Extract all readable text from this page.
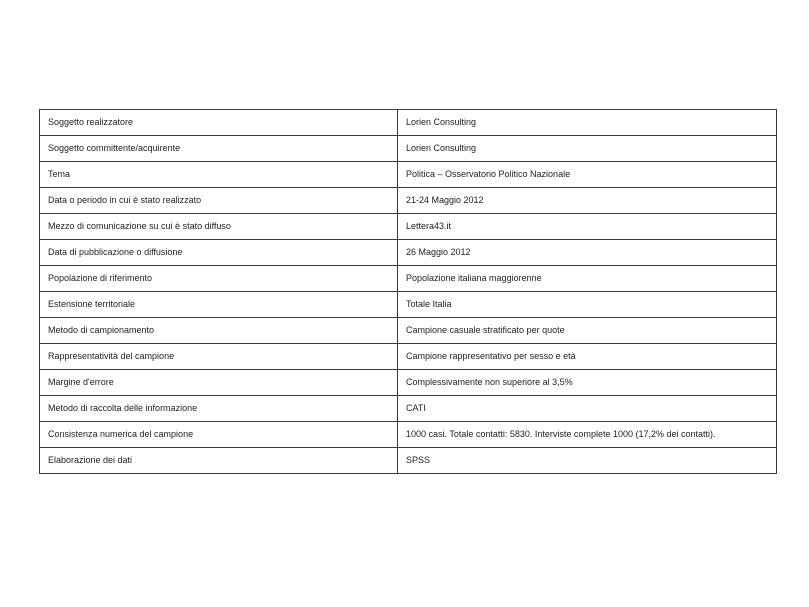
Soggetto realizzatore	Lorien Consulting
Soggetto committente/acquirente	Lorien Consulting
Tema	Politica – Osservatorio Politico Nazionale
Data o periodo in cui è stato realizzato	21-24 Maggio 2012
Mezzo di comunicazione su cui è stato diffuso	Lettera43.it
Data di pubblicazione o diffusione	26 Maggio 2012
Popolazione di riferimento	Popolazione italiana maggiorenne
Estensione territoriale	Totale Italia
Metodo di campionamento	Campione casuale stratificato per quote
Rappresentatività del campione	Campione rappresentativo per sesso e età
Margine d'errore	Complessivamente non superiore al 3,5%
Metodo di raccolta delle informazione	CATI
Consistenza numerica del campione	1000 casi. Totale contatti: 5830. Interviste complete 1000 (17,2% dei contatti).
Elaborazione dei dati	SPSS
